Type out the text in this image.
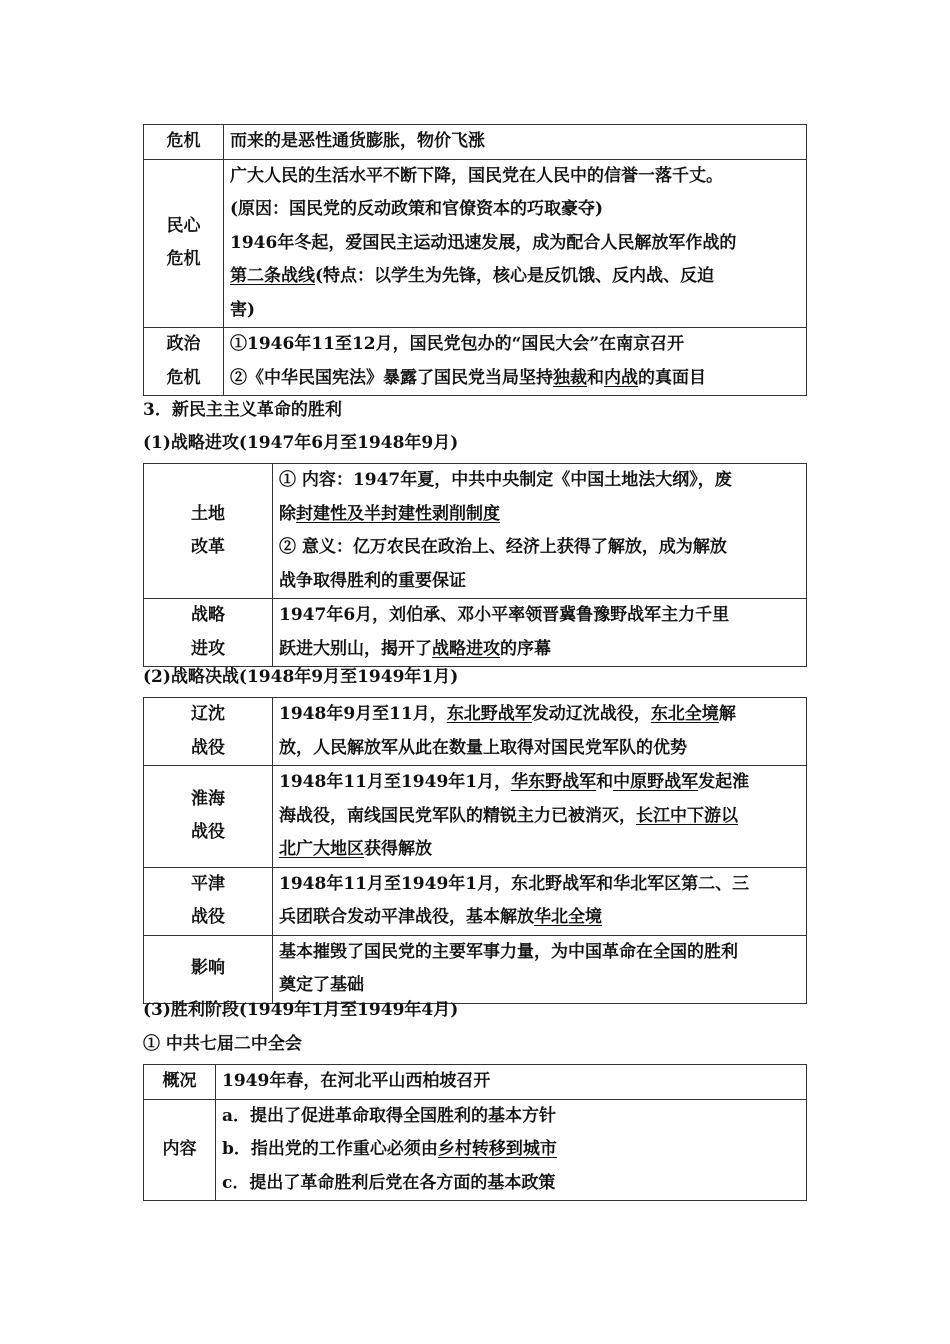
危机	而来的是恶性通货膨胀，物价飞涨

民心
危机	广大人民的生活水平不断下降，国民党在人民中的信誉一落千丈。
(原因：国民党的反动政策和官僚资本的巧取豪夺)
1946年冬起，爱国民主运动迅速发展，成为配合人民解放军作战的
第二条战线(特点：以学生为先锋，核心是反饥饿、反内战、反迫
害)

政治
危机	①1946年11至12月，国民党包办的“国民大会”在南京召开
②《中华民国宪法》暴露了国民党当局坚持独裁和内战的真面目
3．新民主主义革命的胜利
(1)战略进攻(1947年6月至1948年9月)
土地
改革	① 内容：1947年夏，中共中央制定《中国土地法大纲》，废
除封建性及半封建性剥削制度
② 意义：亿万农民在政治上、经济上获得了解放，成为解放
战争取得胜利的重要保证

战略
进攻	1947年6月，刘伯承、邓小平率领晋冀鲁豫野战军主力千里
跃进大别山，揭开了战略进攻的序幕
(2)战略决战(1948年9月至1949年1月)
辽沈
战役	1948年9月至11月，东北野战军发动辽沈战役，东北全境解
放，人民解放军从此在数量上取得对国民党军队的优势

淮海
战役	1948年11月至1949年1月，华东野战军和中原野战军发起淮
海战役，南线国民党军队的精锐主力已被消灭，长江中下游以
北广大地区获得解放

平津
战役	1948年11月至1949年1月，东北野战军和华北军区第二、三
兵团联合发动平津战役，基本解放华北全境

影响	基本摧毁了国民党的主要军事力量，为中国革命在全国的胜利
奠定了基础
(3)胜利阶段(1949年1月至1949年4月)
① 中共七届二中全会
概况	1949年春，在河北平山西柏坡召开

内容	a．提出了促进革命取得全国胜利的基本方针
b．指出党的工作重心必须由乡村转移到城市
c．提出了革命胜利后党在各方面的基本政策
